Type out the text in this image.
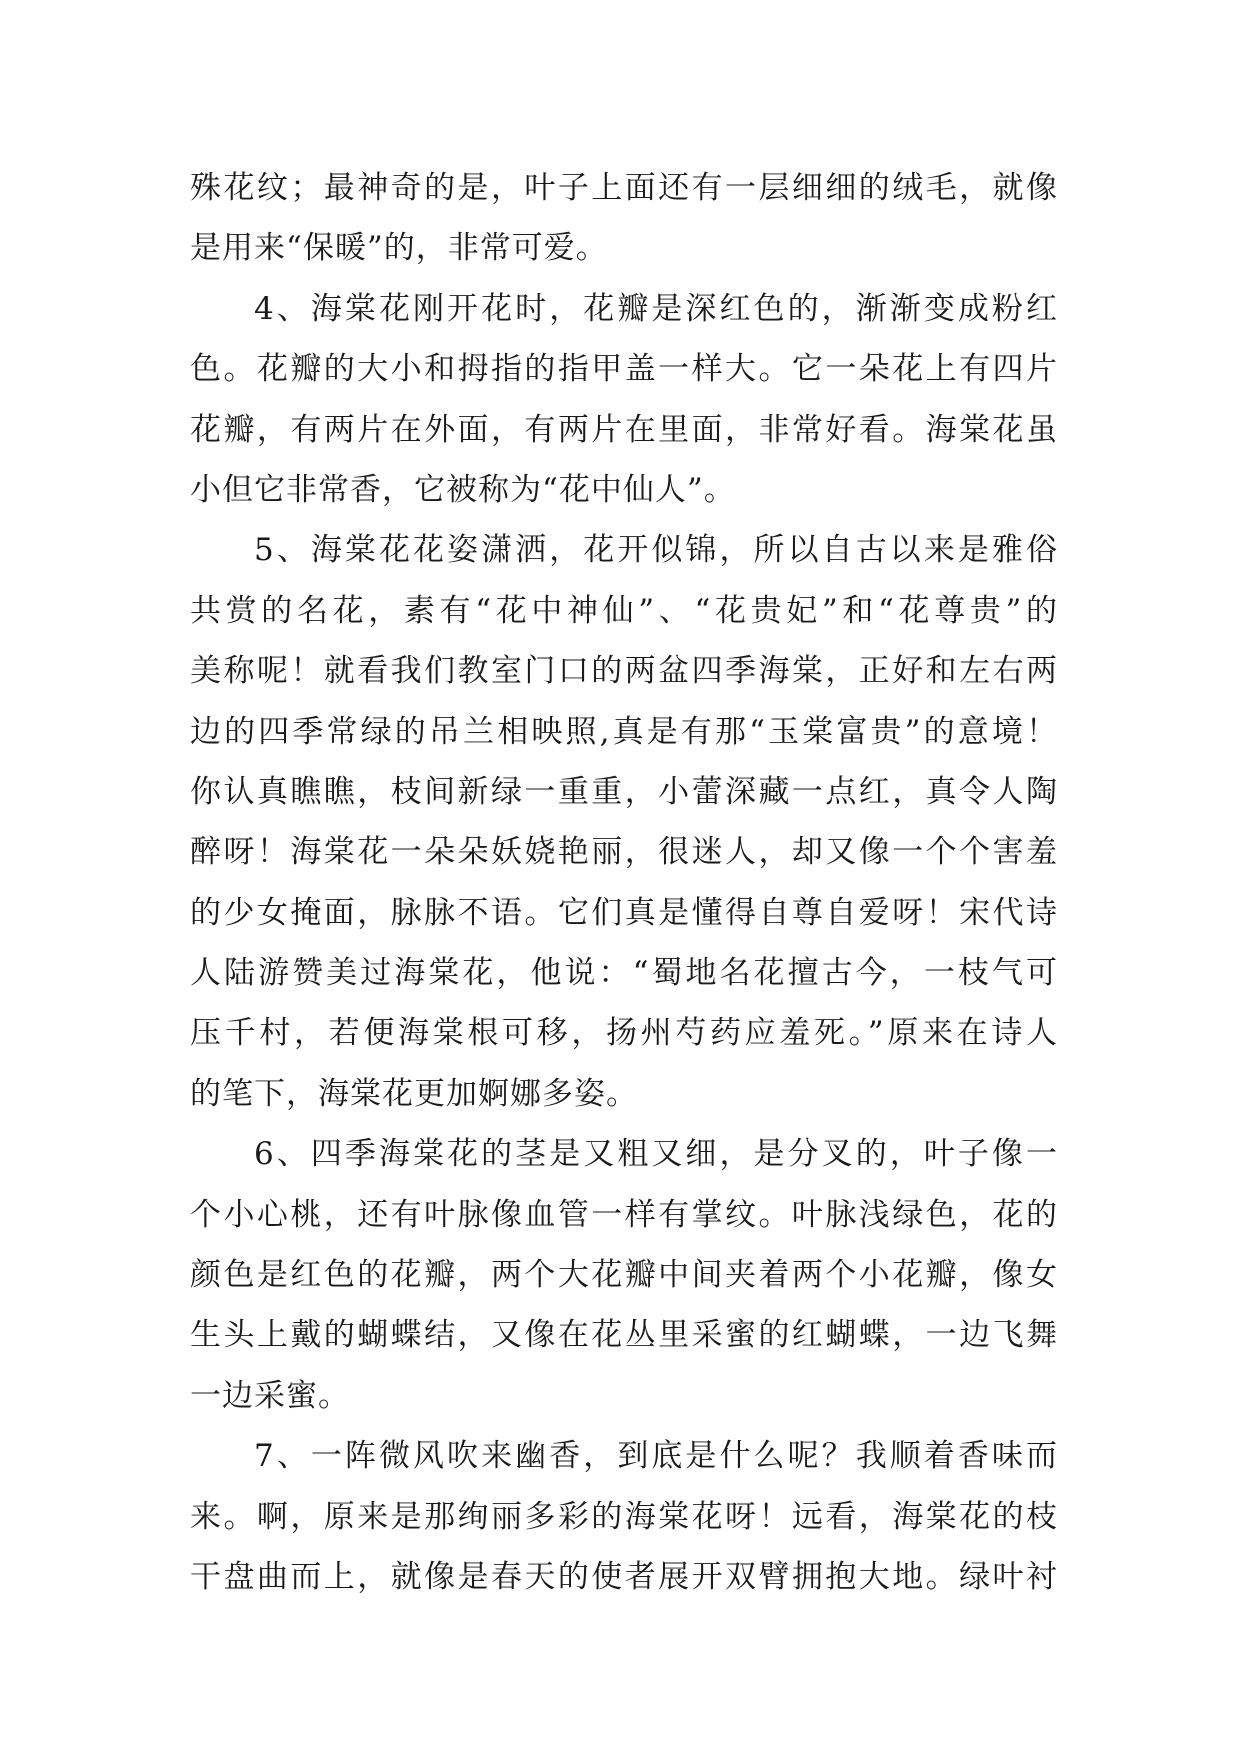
殊花纹；最神奇的是，叶子上面还有一层细细的绒毛，就像
是用来“保暖”的，非常可爱。
4、海棠花刚开花时，花瓣是深红色的，渐渐变成粉红
色。花瓣的大小和拇指的指甲盖一样大。它一朵花上有四片
花瓣，有两片在外面，有两片在里面，非常好看。海棠花虽
小但它非常香，它被称为“花中仙人”。
5、海棠花花姿潇洒，花开似锦，所以自古以来是雅俗
共赏的名花，素有“花中神仙”、“花贵妃”和“花尊贵”的
美称呢！就看我们教室门口的两盆四季海棠，正好和左右两
边的四季常绿的吊兰相映照,真是有那“玉棠富贵”的意境！
你认真瞧瞧，枝间新绿一重重，小蕾深藏一点红，真令人陶
醉呀！海棠花一朵朵妖娆艳丽，很迷人，却又像一个个害羞
的少女掩面，脉脉不语。它们真是懂得自尊自爱呀！宋代诗
人陆游赞美过海棠花，他说：“蜀地名花擅古今，一枝气可
压千村，若便海棠根可移，扬州芍药应羞死。”原来在诗人
的笔下，海棠花更加婀娜多姿。
6、四季海棠花的茎是又粗又细，是分叉的，叶子像一
个小心桃，还有叶脉像血管一样有掌纹。叶脉浅绿色，花的
颜色是红色的花瓣，两个大花瓣中间夹着两个小花瓣，像女
生头上戴的蝴蝶结，又像在花丛里采蜜的红蝴蝶，一边飞舞
一边采蜜。
7、一阵微风吹来幽香，到底是什么呢？我顺着香味而
来。啊，原来是那绚丽多彩的海棠花呀！远看，海棠花的枝
干盘曲而上，就像是春天的使者展开双臂拥抱大地。绿叶衬
